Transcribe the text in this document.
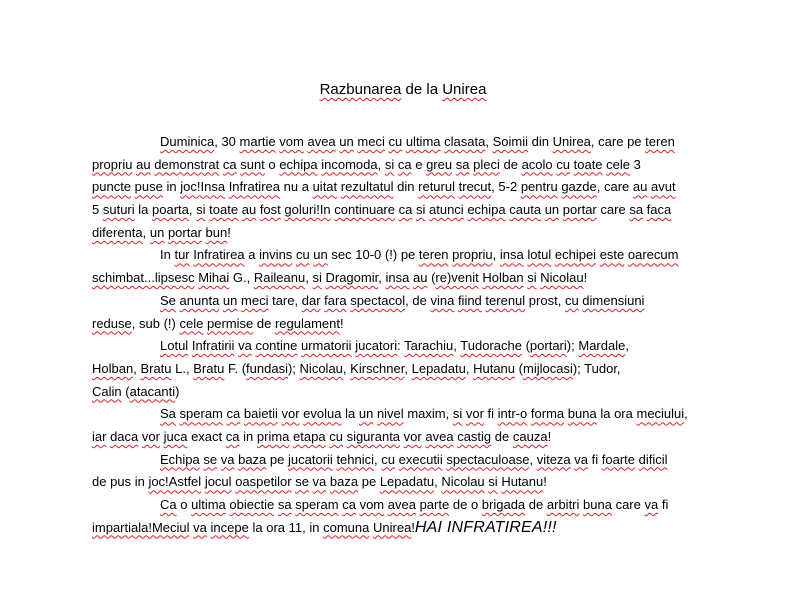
Razbunarea de la Unirea
Duminica, 30 martie vom avea un meci cu ultima clasata, Soimii din Unirea, care pe teren
propriu au demonstrat ca sunt o echipa incomoda, si ca e greu sa pleci de acolo cu toate cele 3
puncte puse in joc!Insa Infratirea nu a uitat rezultatul din returul trecut, 5-2 pentru gazde, care au avut
5 suturi la poarta, si toate au fost goluri!In continuare ca si atunci echipa cauta un portar care sa faca
diferenta, un portar bun!
In tur Infratirea a invins cu un sec 10-0 (!) pe teren propriu, insa lotul echipei este oarecum
schimbat...lipsesc Mihai G., Raileanu, si Dragomir, insa au (re)venit Holban si Nicolau!
Se anunta un meci tare, dar fara spectacol, de vina fiind terenul prost, cu dimensiuni
reduse, sub (!) cele permise de regulament!
Lotul Infratirii va contine urmatorii jucatori: Tarachiu, Tudorache (portari); Mardale,
Holban, Bratu L., Bratu F. (fundasi); Nicolau, Kirschner, Lepadatu, Hutanu (mijlocasi); Tudor,
Calin (atacanti)
Sa speram ca baietii vor evolua la un nivel maxim, si vor fi intr-o forma buna la ora meciului,
iar daca vor juca exact ca in prima etapa cu siguranta vor avea castig de cauza!
Echipa se va baza pe jucatorii tehnici, cu executii spectaculoase, viteza va fi foarte dificil
de pus in joc!Astfel jocul oaspetilor se va baza pe Lepadatu, Nicolau si Hutanu!
Ca o ultima obiectie sa speram ca vom avea parte de o brigada de arbitri buna care va fi
impartiala!Meciul va incepe la ora 11, in comuna Unirea!HAI INFRATIREA!!!
